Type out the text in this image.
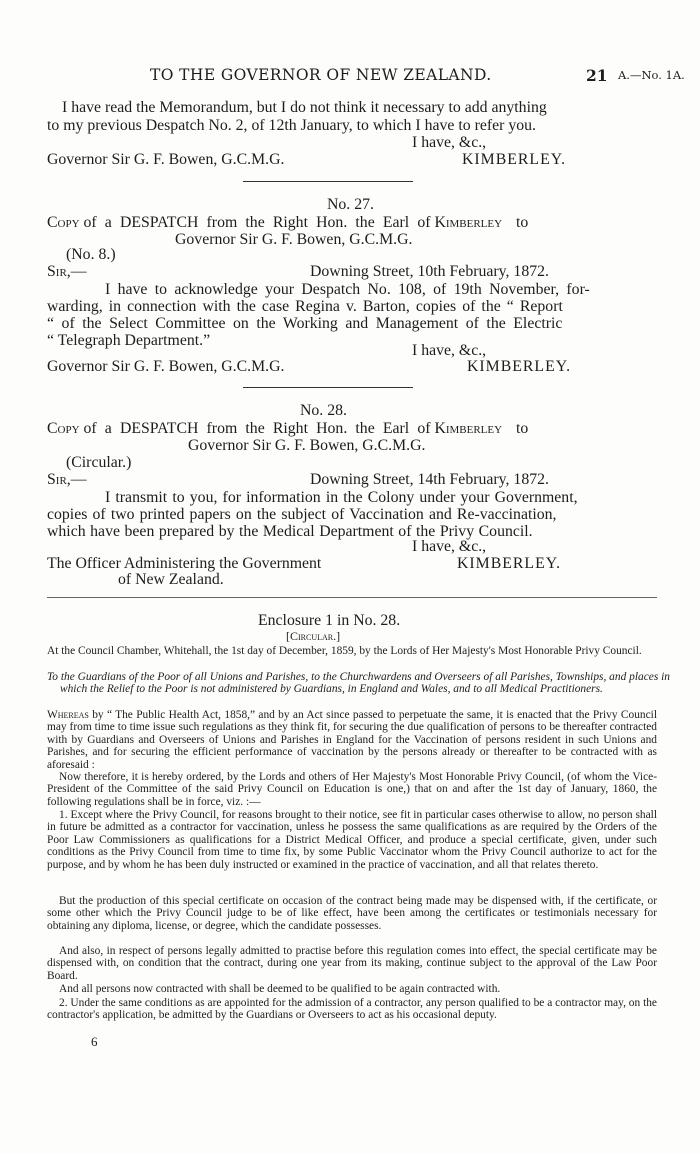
TO THE GOVERNOR OF NEW ZEALAND.	21 A.—No. 1A.
I have read the Memorandum, but I do not think it necessary to add anything
to my previous Despatch No. 2, of 12th January, to which I have to refer you.
I have, &c.,
Governor Sir G. F. Bowen, G.C.M.G.	KIMBERLEY.
No. 27.
Copy of a DESPATCH from the Right Hon. the Earl of Kimberley to
Governor Sir G. F. Bowen, G.C.M.G.
(No. 8.)
Sir,—	Downing Street, 10th February, 1872.
I have to acknowledge your Despatch No. 108, of 19th November, for-
warding, in connection with the case Regina v. Barton, copies of the “ Report
“ of the Select Committee on the Working and Management of the Electric
“ Telegraph Department.”
I have, &c.,
Governor Sir G. F. Bowen, G.C.M.G.	KIMBERLEY.
No. 28.
Copy of a DESPATCH from the Right Hon. the Earl of Kimberley to
Governor Sir G. F. Bowen, G.C.M.G.
(Circular.)
Sir,—	Downing Street, 14th February, 1872.
I transmit to you, for information in the Colony under your Government,
copies of two printed papers on the subject of Vaccination and Re-vaccination,
which have been prepared by the Medical Department of the Privy Council.
I have, &c.,
The Officer Administering the Government	KIMBERLEY.
of New Zealand.
Enclosure 1 in No. 28.
[Circular.]
At the Council Chamber, Whitehall, the 1st day of December, 1859, by the Lords of Her Majesty's Most Honorable Privy Council.
To the Guardians of the Poor of all Unions and Parishes, to the Churchwardens and Overseers of all Parishes, Townships, and places in which the Relief to the Poor is not administered by Guardians, in England and Wales, and to all Medical Practitioners.
Whereas by “ The Public Health Act, 1858,” and by an Act since passed to perpetuate the same, it is enacted that the Privy Council may from time to time issue such regulations as they think fit, for securing the due qualification of persons to be thereafter contracted with by Guardians and Overseers of Unions and Parishes in England for the Vaccination of persons resident in such Unions and Parishes, and for securing the efficient performance of vaccination by the persons already or thereafter to be contracted with as aforesaid :
Now therefore, it is hereby ordered, by the Lords and others of Her Majesty's Most Honorable Privy Council, (of whom the Vice-President of the Committee of the said Privy Council on Education is one,) that on and after the 1st day of January, 1860, the following regulations shall be in force, viz. :—
1. Except where the Privy Council, for reasons brought to their notice, see fit in particular cases otherwise to allow, no person shall in future be admitted as a contractor for vaccination, unless he possess the same qualifications as are required by the Orders of the Poor Law Commissioners as qualifications for a District Medical Officer, and produce a special certificate, given, under such conditions as the Privy Council from time to time fix, by some Public Vaccinator whom the Privy Council authorize to act for the purpose, and by whom he has been duly instructed or examined in the practice of vaccination, and all that relates thereto.
But the production of this special certificate on occasion of the contract being made may be dispensed with, if the certificate, or some other which the Privy Council judge to be of like effect, have been among the certificates or testimonials necessary for obtaining any diploma, license, or degree, which the candidate possesses.
And also, in respect of persons legally admitted to practise before this regulation comes into effect, the special certificate may be dispensed with, on condition that the contract, during one year from its making, continue subject to the approval of the Law Poor Board.
And all persons now contracted with shall be deemed to be qualified to be again contracted with.
2. Under the same conditions as are appointed for the admission of a contractor, any person qualified to be a contractor may, on the contractor's application, be admitted by the Guardians or Overseers to act as his occasional deputy.
6
